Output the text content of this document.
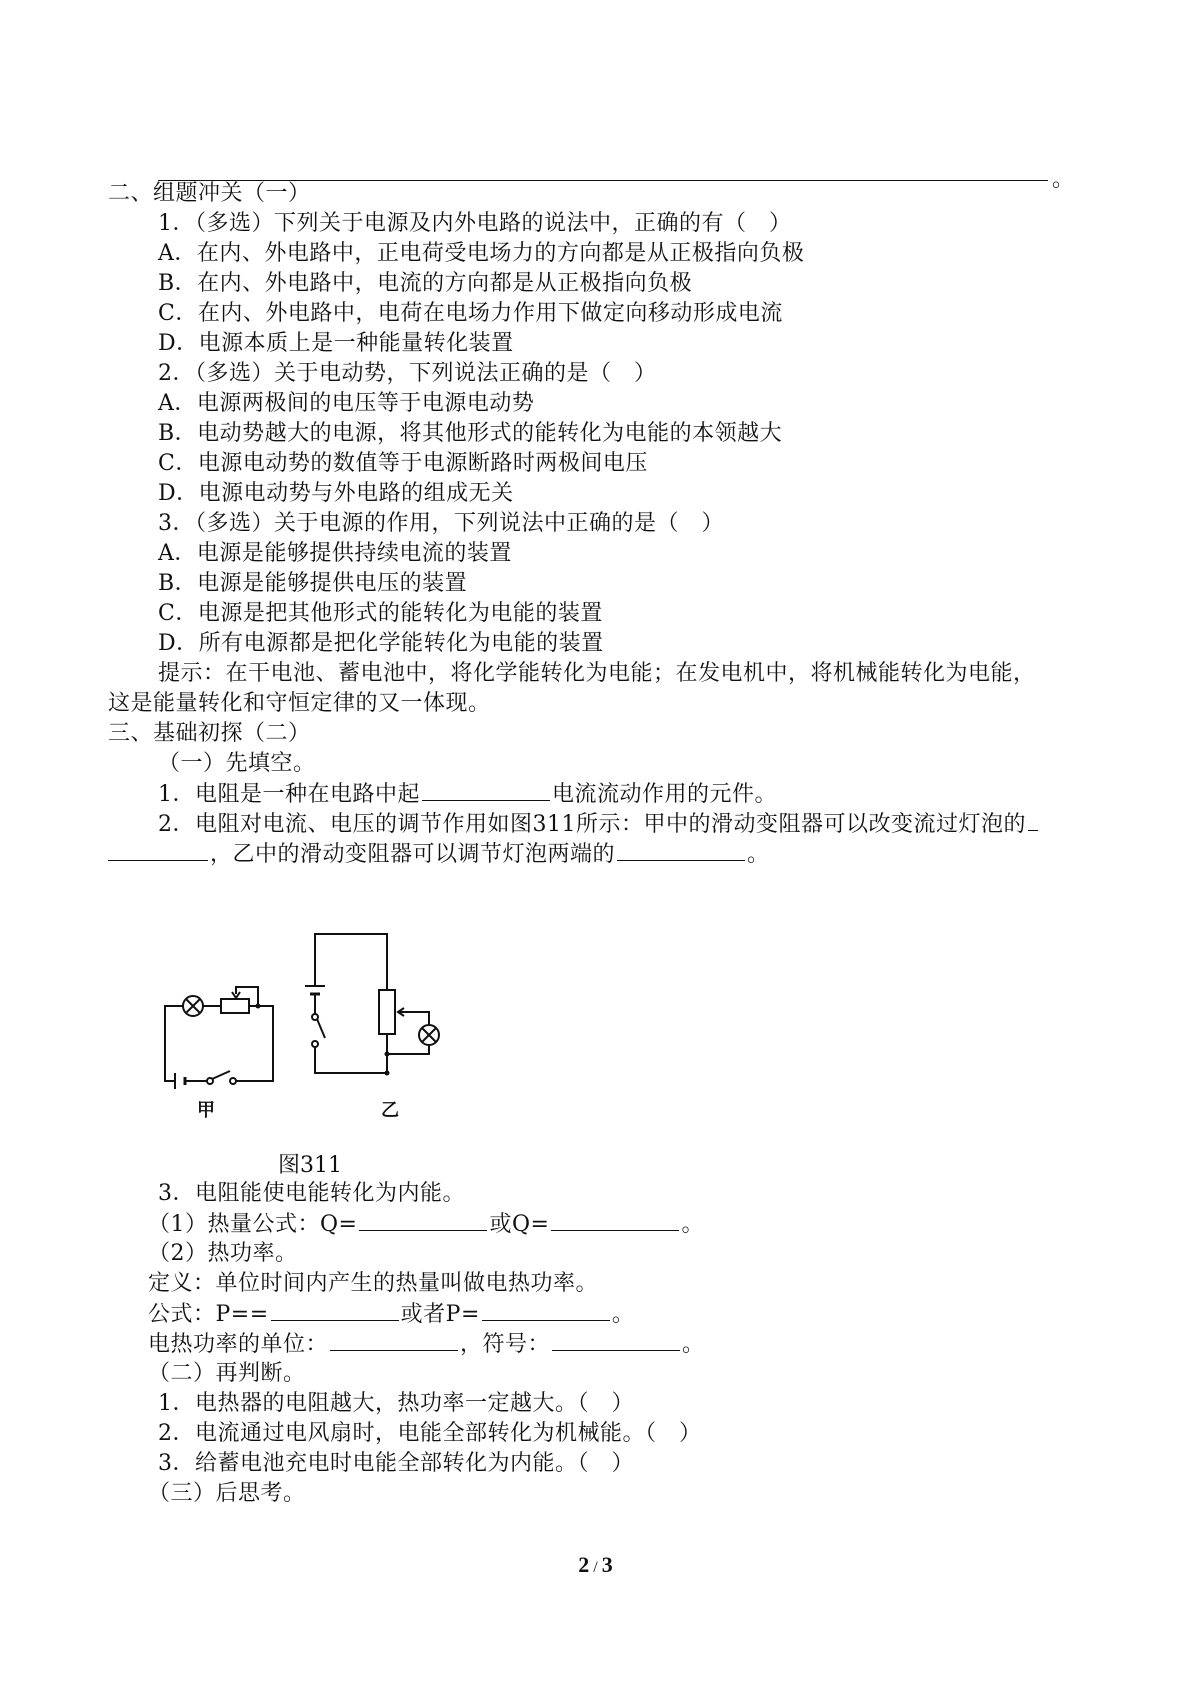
。
二、组题冲关（一）
1．（多选）下列关于电源及内外电路的说法中，正确的有（　）
A．在内、外电路中，正电荷受电场力的方向都是从正极指向负极
B．在内、外电路中，电流的方向都是从正极指向负极
C．在内、外电路中，电荷在电场力作用下做定向移动形成电流
D．电源本质上是一种能量转化装置
2．（多选）关于电动势，下列说法正确的是（　）
A．电源两极间的电压等于电源电动势
B．电动势越大的电源，将其他形式的能转化为电能的本领越大
C．电源电动势的数值等于电源断路时两极间电压
D．电源电动势与外电路的组成无关
3．（多选）关于电源的作用，下列说法中正确的是（　）
A．电源是能够提供持续电流的装置
B．电源是能够提供电压的装置
C．电源是把其他形式的能转化为电能的装置
D．所有电源都是把化学能转化为电能的装置
提示：在干电池、蓄电池中，将化学能转化为电能；在发电机中，将机械能转化为电能，
这是能量转化和守恒定律的又一体现。
三、基础初探（二）
（一）先填空。
1．电阻是一种在电路中起	电流流动作用的元件。
2．电阻对电流、电压的调节作用如图311所示：甲中的滑动变阻器可以改变流过灯泡的
，乙中的滑动变阻器可以调节灯泡两端的	。
甲	乙
图311
3．电阻能使电能转化为内能。
（1）热量公式：Q=	或Q=	。
（2）热功率。
定义：单位时间内产生的热量叫做电热功率。
公式：P==	或者P=	。
电热功率的单位：	，符号：	。
（二）再判断。
1．电热器的电阻越大，热功率一定越大。（　）
2．电流通过电风扇时，电能全部转化为机械能。（　）
3．给蓄电池充电时电能全部转化为内能。（　）
（三）后思考。
2 / 3
